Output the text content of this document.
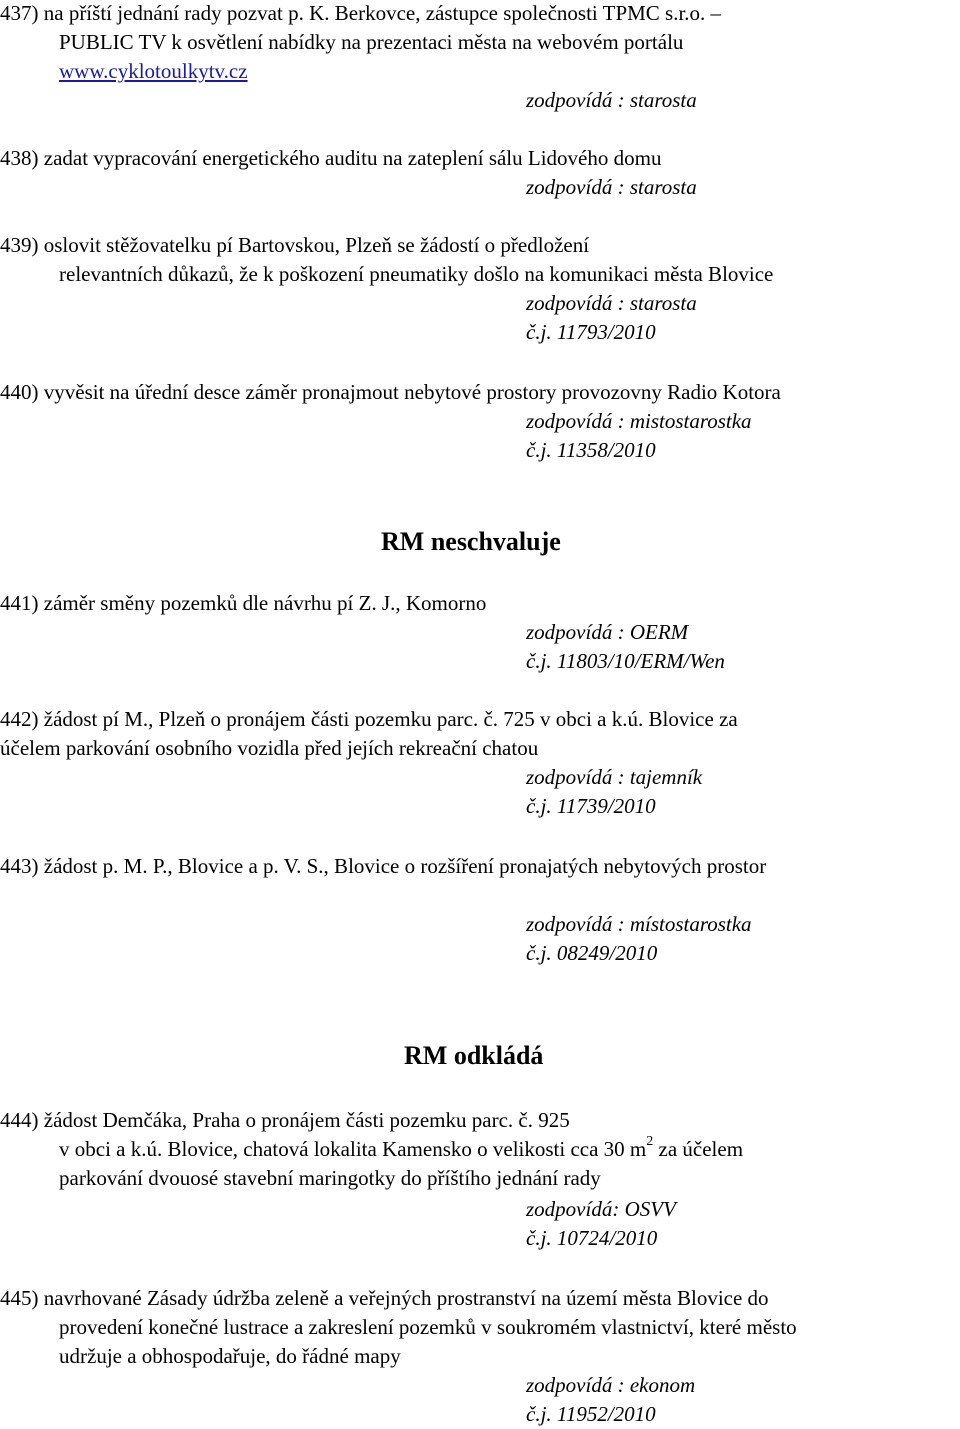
437) na příští jednání rady pozvat p. K. Berkovce, zástupce společnosti TPMC s.r.o. –
PUBLIC TV k osvětlení nabídky na prezentaci města na webovém portálu
www.cyklotoulkytv.cz
zodpovídá : starosta
438) zadat vypracování energetického auditu na zateplení sálu Lidového domu
zodpovídá : starosta
439) oslovit stěžovatelku pí Bartovskou, Plzeň se žádostí o předložení
relevantních důkazů, že k poškození pneumatiky došlo na komunikaci města Blovice
zodpovídá : starosta
č.j. 11793/2010
440) vyvěsit na úřední desce záměr pronajmout nebytové prostory provozovny Radio Kotora
zodpovídá : mistostarostka
č.j. 11358/2010
RM neschvaluje
441) záměr směny pozemků dle návrhu pí Z. J., Komorno
zodpovídá : OERM
č.j. 11803/10/ERM/Wen
442) žádost pí M., Plzeň o pronájem části pozemku parc. č. 725 v obci a k.ú. Blovice za
účelem parkování osobního vozidla před jejích rekreační chatou
zodpovídá : tajemník
č.j. 11739/2010
443) žádost p. M. P., Blovice a p. V. S., Blovice o rozšíření pronajatých nebytových prostor
zodpovídá : místostarostka
č.j. 08249/2010
RM odkládá
444) žádost Demčáka, Praha o pronájem části pozemku parc. č. 925
v obci a k.ú. Blovice, chatová lokalita Kamensko o velikosti cca 30 $m^2$ za účelem
parkování dvouosé stavební maringotky do příštího jednání rady
zodpovídá: OSVV
č.j. 10724/2010
445) navrhované Zásady údržba zeleně a veřejných prostranství na území města Blovice do
provedení konečné lustrace a zakreslení pozemků v soukromém vlastnictví, které město
udržuje a obhospodařuje, do řádné mapy
zodpovídá : ekonom
č.j. 11952/2010
